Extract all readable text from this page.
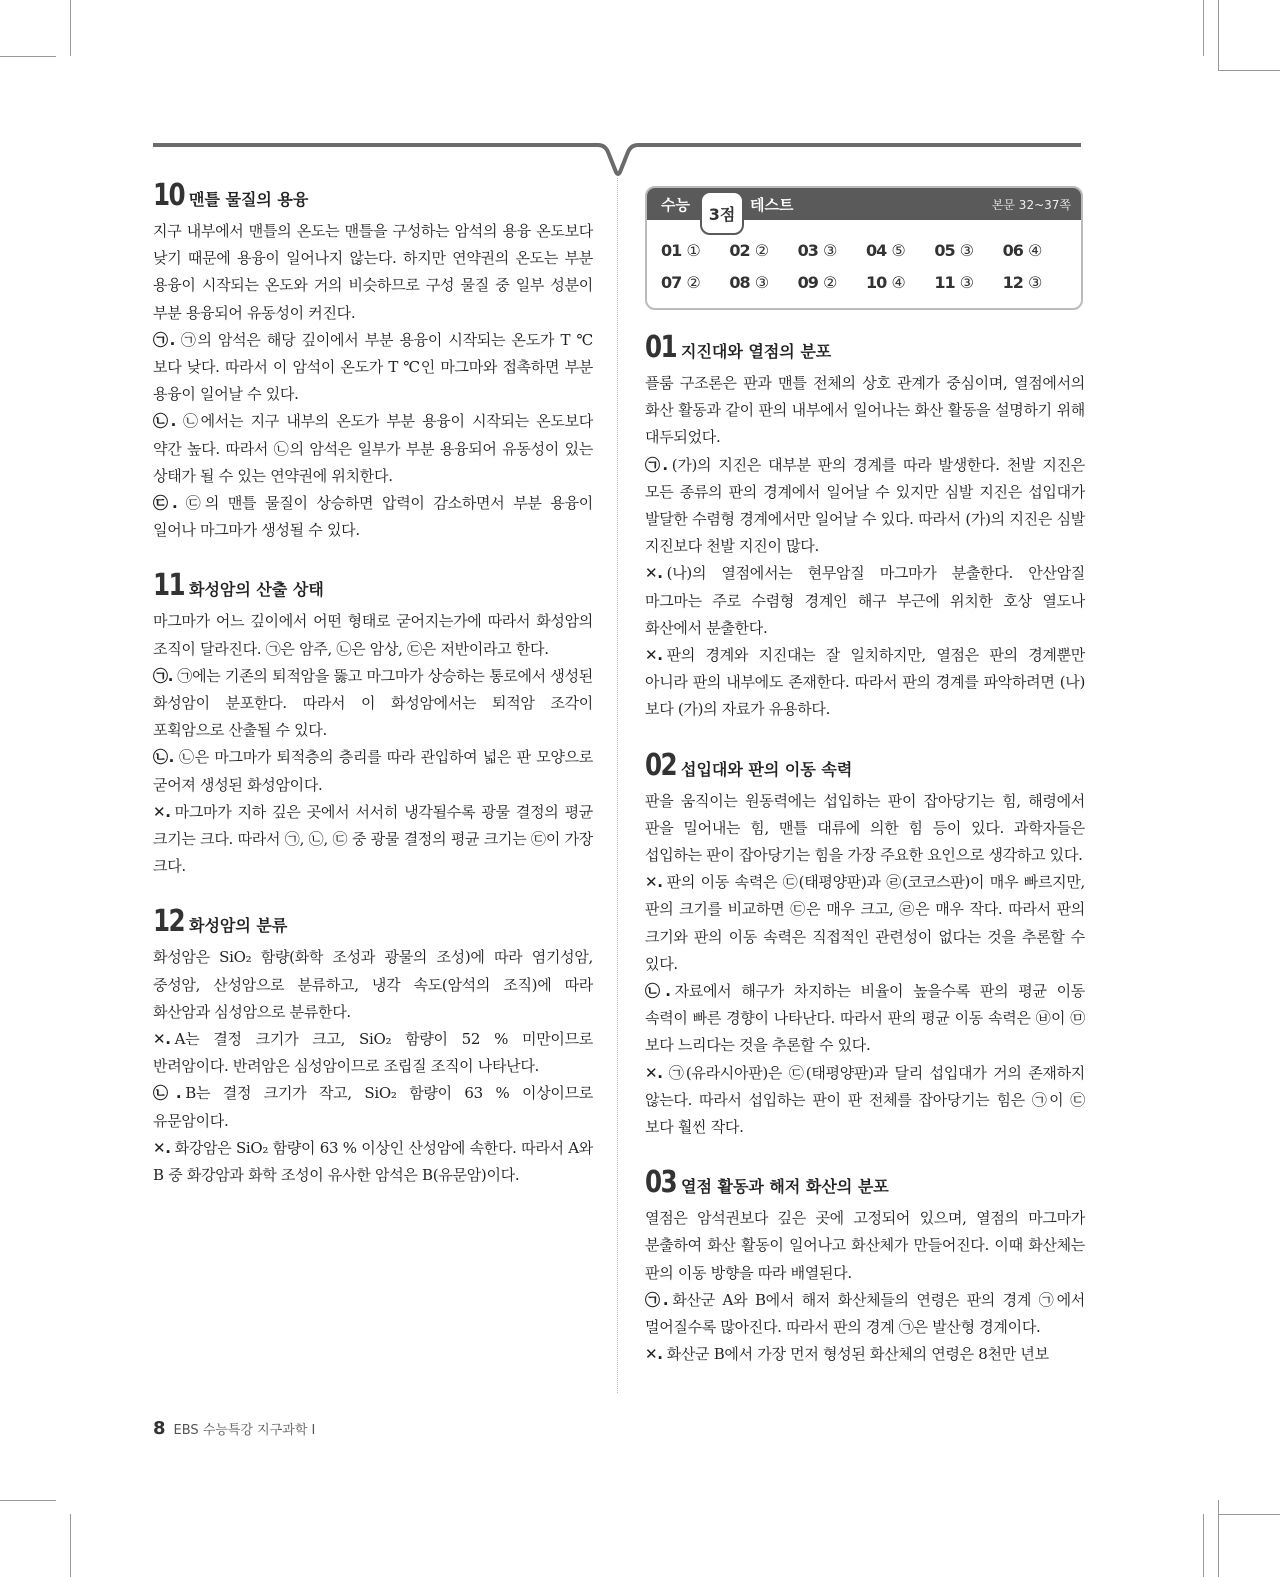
10 맨틀 물질의 용융

지구 내부에서 맨틀의 온도는 맨틀을 구성하는 암석의 용융 온도보다 낮기 때문에 용융이 일어나지 않는다. 하지만 연약권의 온도는 부분 용융이 시작되는 온도와 거의 비슷하므로 구성 물질 중 일부 성분이 부분 용융되어 유동성이 커진다.

㉠. ㉠의 암석은 해당 깊이에서 부분 용융이 시작되는 온도가 T ℃보다 낮다. 따라서 이 암석이 온도가 T ℃인 마그마와 접촉하면 부분 용융이 일어날 수 있다.

㉡. ㉡에서는 지구 내부의 온도가 부분 용융이 시작되는 온도보다 약간 높다. 따라서 ㉡의 암석은 일부가 부분 용융되어 유동성이 있는 상태가 될 수 있는 연약권에 위치한다.

㉢. ㉢의 맨틀 물질이 상승하면 압력이 감소하면서 부분 용융이 일어나 마그마가 생성될 수 있다.

11 화성암의 산출 상태

마그마가 어느 깊이에서 어떤 형태로 굳어지는가에 따라서 화성암의 조직이 달라진다. ㉠은 암주, ㉡은 암상, ㉢은 저반이라고 한다.

㉠. ㉠에는 기존의 퇴적암을 뚫고 마그마가 상승하는 통로에서 생성된 화성암이 분포한다. 따라서 이 화성암에서는 퇴적암 조각이 포획암으로 산출될 수 있다.

㉡. ㉡은 마그마가 퇴적층의 층리를 따라 관입하여 넓은 판 모양으로 굳어져 생성된 화성암이다.

✕. 마그마가 지하 깊은 곳에서 서서히 냉각될수록 광물 결정의 평균 크기는 크다. 따라서 ㉠, ㉡, ㉢ 중 광물 결정의 평균 크기는 ㉢이 가장 크다.

12 화성암의 분류

화성암은 SiO₂ 함량(화학 조성과 광물의 조성)에 따라 염기성암, 중성암, 산성암으로 분류하고, 냉각 속도(암석의 조직)에 따라 화산암과 심성암으로 분류한다.

✕. A는 결정 크기가 크고, SiO₂ 함량이 52 % 미만이므로 반려암이다. 반려암은 심성암이므로 조립질 조직이 나타난다.

㉡. B는 결정 크기가 작고, SiO₂ 함량이 63 % 이상이므로 유문암이다.

✕. 화강암은 SiO₂ 함량이 63 % 이상인 산성암에 속한다. 따라서 A와 B 중 화강암과 화학 조성이 유사한 암석은 B(유문암)이다.

수능	3점 테스트	본문 32~37쪽
01 ①	02 ②	03 ③	04 ⑤	05 ③	06 ④
07 ②	08 ③	09 ②	10 ④	11 ③	12 ③
01 지진대와 열점의 분포

플룸 구조론은 판과 맨틀 전체의 상호 관계가 중심이며, 열점에서의 화산 활동과 같이 판의 내부에서 일어나는 화산 활동을 설명하기 위해 대두되었다.

㉠. (가)의 지진은 대부분 판의 경계를 따라 발생한다. 천발 지진은 모든 종류의 판의 경계에서 일어날 수 있지만 심발 지진은 섭입대가 발달한 수렴형 경계에서만 일어날 수 있다. 따라서 (가)의 지진은 심발 지진보다 천발 지진이 많다.

✕. (나)의 열점에서는 현무암질 마그마가 분출한다. 안산암질 마그마는 주로 수렴형 경계인 해구 부근에 위치한 호상 열도나 화산에서 분출한다.

✕. 판의 경계와 지진대는 잘 일치하지만, 열점은 판의 경계뿐만 아니라 판의 내부에도 존재한다. 따라서 판의 경계를 파악하려면 (나)보다 (가)의 자료가 유용하다.

02 섭입대와 판의 이동 속력

판을 움직이는 원동력에는 섭입하는 판이 잡아당기는 힘, 해령에서 판을 밀어내는 힘, 맨틀 대류에 의한 힘 등이 있다. 과학자들은 섭입하는 판이 잡아당기는 힘을 가장 주요한 요인으로 생각하고 있다.

✕. 판의 이동 속력은 ㉢(태평양판)과 ㉣(코코스판)이 매우 빠르지만, 판의 크기를 비교하면 ㉢은 매우 크고, ㉣은 매우 작다. 따라서 판의 크기와 판의 이동 속력은 직접적인 관련성이 없다는 것을 추론할 수 있다.

㉡. 자료에서 해구가 차지하는 비율이 높을수록 판의 평균 이동 속력이 빠른 경향이 나타난다. 따라서 판의 평균 이동 속력은 ㉥이 ㉤보다 느리다는 것을 추론할 수 있다.

✕. ㉠(유라시아판)은 ㉢(태평양판)과 달리 섭입대가 거의 존재하지 않는다. 따라서 섭입하는 판이 판 전체를 잡아당기는 힘은 ㉠이 ㉢보다 훨씬 작다.

03 열점 활동과 해저 화산의 분포

열점은 암석권보다 깊은 곳에 고정되어 있으며, 열점의 마그마가 분출하여 화산 활동이 일어나고 화산체가 만들어진다. 이때 화산체는 판의 이동 방향을 따라 배열된다.

㉠. 화산군 A와 B에서 해저 화산체들의 연령은 판의 경계 ㉠에서 멀어질수록 많아진다. 따라서 판의 경계 ㉠은 발산형 경계이다.

✕. 화산군 B에서 가장 먼저 형성된 화산체의 연령은 8천만 년보

8 EBS 수능특강 지구과학 Ⅰ
